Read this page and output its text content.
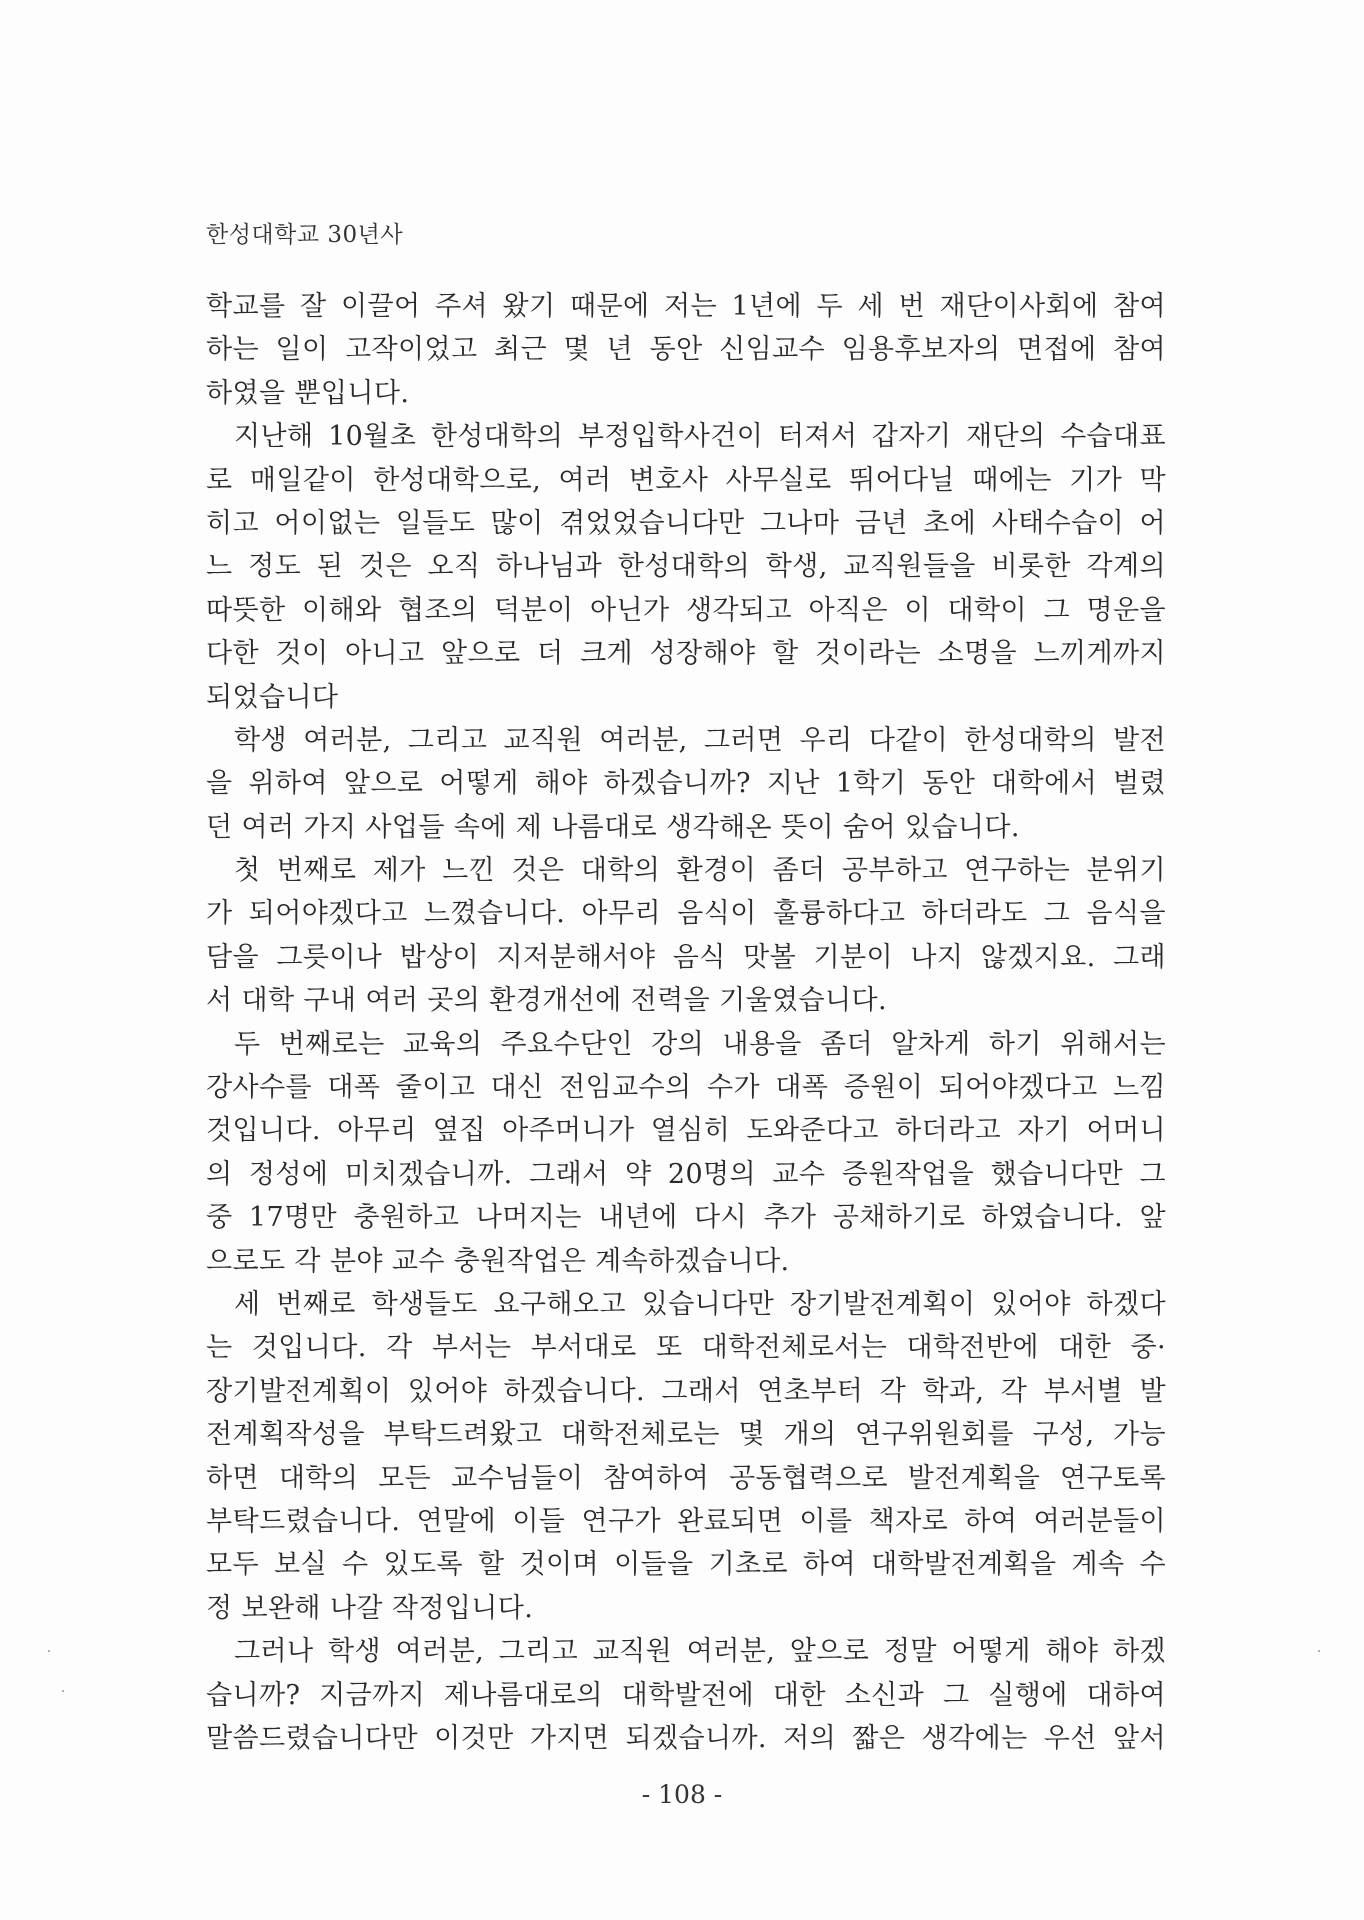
한성대학교 30년사
학교를 잘 이끌어 주셔 왔기 때문에 저는 1년에 두 세 번 재단이사회에 참여
하는 일이 고작이었고 최근 몇 년 동안 신임교수 임용후보자의 면접에 참여
하였을 뿐입니다.
지난해 10월초 한성대학의 부정입학사건이 터져서 갑자기 재단의 수습대표
로 매일같이 한성대학으로, 여러 변호사 사무실로 뛰어다닐 때에는 기가 막
히고 어이없는 일들도 많이 겪었었습니다만 그나마 금년 초에 사태수습이 어
느 정도 된 것은 오직 하나님과 한성대학의 학생, 교직원들을 비롯한 각계의
따뜻한 이해와 협조의 덕분이 아닌가 생각되고 아직은 이 대학이 그 명운을
다한 것이 아니고 앞으로 더 크게 성장해야 할 것이라는 소명을 느끼게까지
되었습니다
학생 여러분, 그리고 교직원 여러분, 그러면 우리 다같이 한성대학의 발전
을 위하여 앞으로 어떻게 해야 하겠습니까? 지난 1학기 동안 대학에서 벌렸
던 여러 가지 사업들 속에 제 나름대로 생각해온 뜻이 숨어 있습니다.
첫 번째로 제가 느낀 것은 대학의 환경이 좀더 공부하고 연구하는 분위기
가 되어야겠다고 느꼈습니다. 아무리 음식이 훌륭하다고 하더라도 그 음식을
담을 그릇이나 밥상이 지저분해서야 음식 맛볼 기분이 나지 않겠지요. 그래
서 대학 구내 여러 곳의 환경개선에 전력을 기울였습니다.
두 번째로는 교육의 주요수단인 강의 내용을 좀더 알차게 하기 위해서는
강사수를 대폭 줄이고 대신 전임교수의 수가 대폭 증원이 되어야겠다고 느낌
것입니다. 아무리 옆집 아주머니가 열심히 도와준다고 하더라고 자기 어머니
의 정성에 미치겠습니까. 그래서 약 20명의 교수 증원작업을 했습니다만 그
중 17명만 충원하고 나머지는 내년에 다시 추가 공채하기로 하였습니다. 앞
으로도 각 분야 교수 충원작업은 계속하겠습니다.
세 번째로 학생들도 요구해오고 있습니다만 장기발전계획이 있어야 하겠다
는 것입니다. 각 부서는 부서대로 또 대학전체로서는 대학전반에 대한 중·
장기발전계획이 있어야 하겠습니다. 그래서 연초부터 각 학과, 각 부서별 발
전계획작성을 부탁드려왔고 대학전체로는 몇 개의 연구위원회를 구성, 가능
하면 대학의 모든 교수님들이 참여하여 공동협력으로 발전계획을 연구토록
부탁드렸습니다. 연말에 이들 연구가 완료되면 이를 책자로 하여 여러분들이
모두 보실 수 있도록 할 것이며 이들을 기초로 하여 대학발전계획을 계속 수
정 보완해 나갈 작정입니다.
그러나 학생 여러분, 그리고 교직원 여러분, 앞으로 정말 어떻게 해야 하겠
습니까? 지금까지 제나름대로의 대학발전에 대한 소신과 그 실행에 대하여
말씀드렸습니다만 이것만 가지면 되겠습니까. 저의 짧은 생각에는 우선 앞서
- 108 -
